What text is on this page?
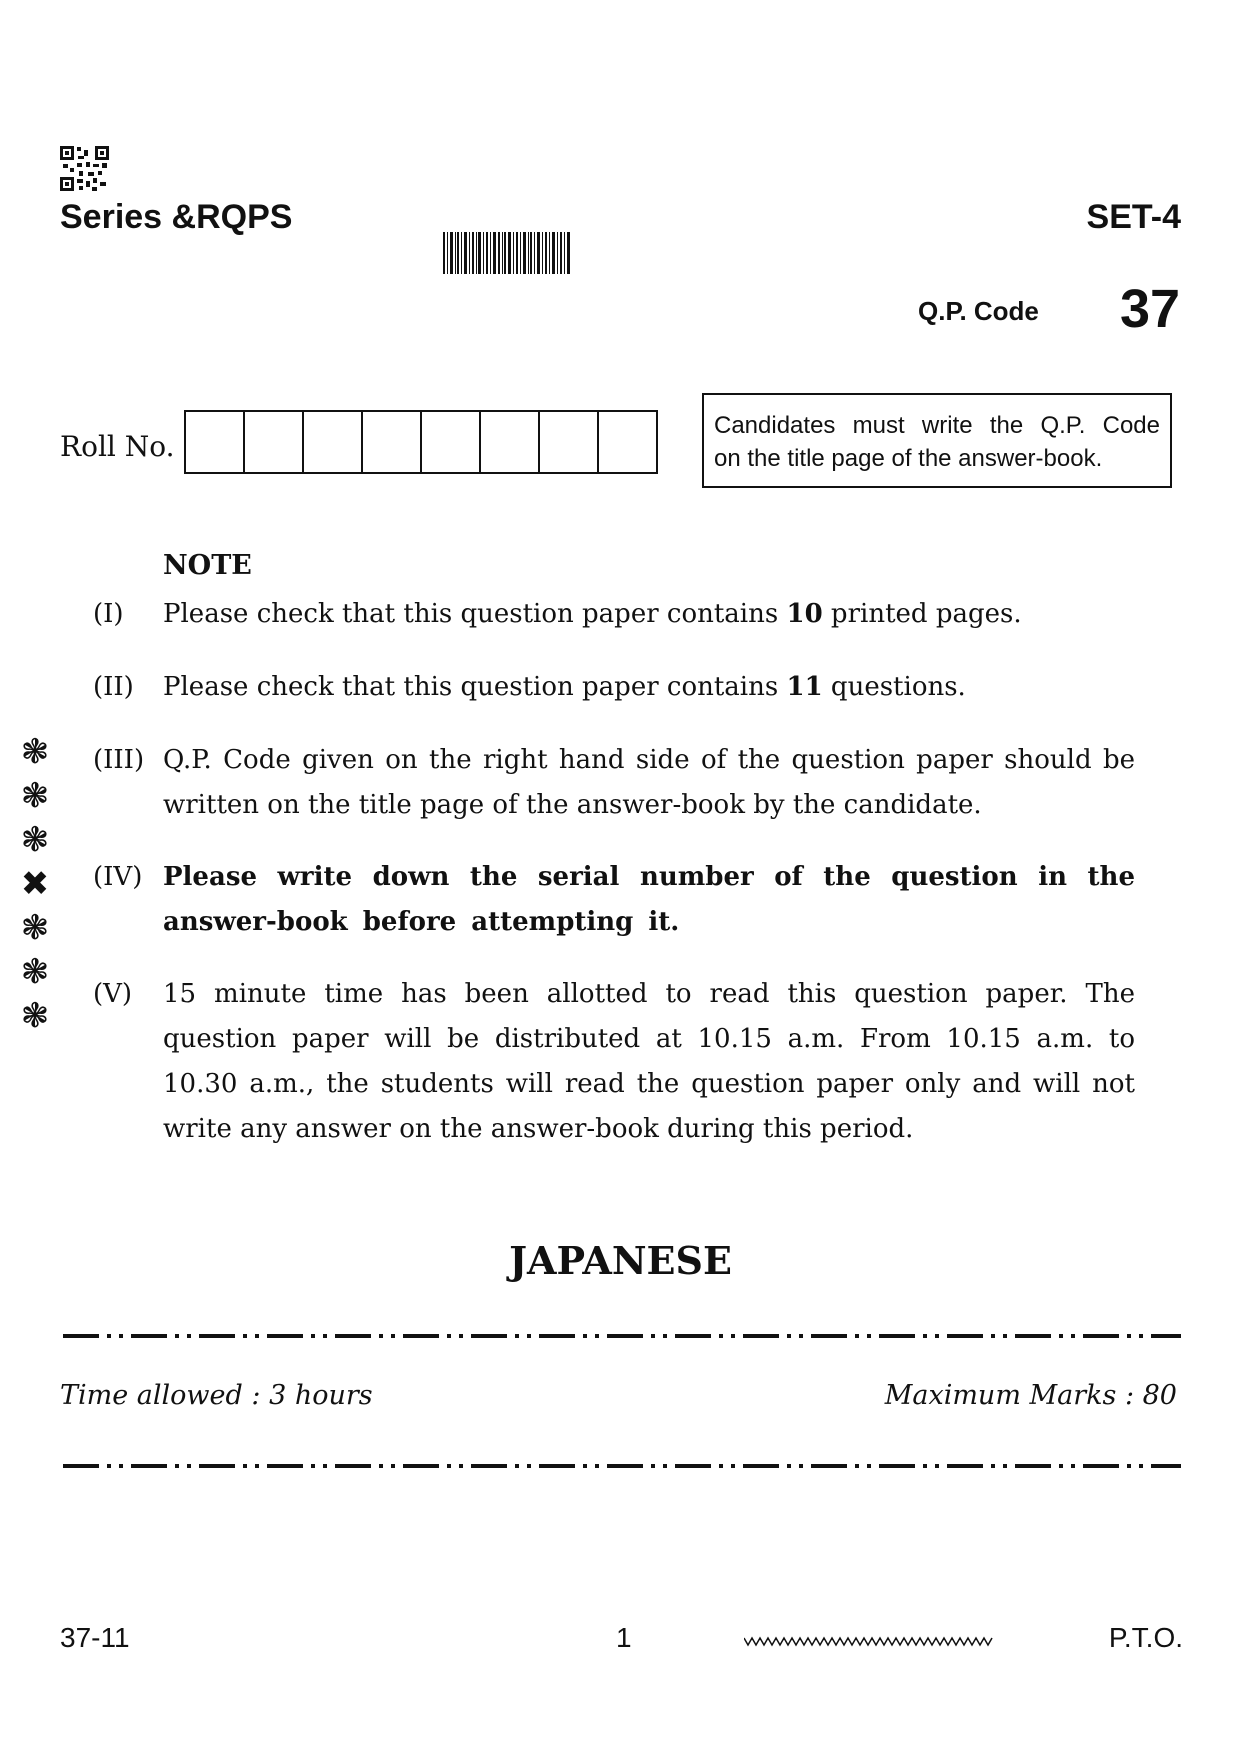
Series &RQPS	SET-4
Q.P. Code 37
Roll No.
Candidates must write the Q.P. Code
on the title page of the answer-book.
NOTE
(I) Please check that this question paper contains 10 printed pages.
(II) Please check that this question paper contains 11 questions.
(III) Q.P. Code given on the right hand side of the question paper should be written on the title page of the answer-book by the candidate.
(IV) Please write down the serial number of the question in the answer-book before attempting it.
(V) 15 minute time has been allotted to read this question paper. The question paper will be distributed at 10.15 a.m. From 10.15 a.m. to 10.30 a.m., the students will read the question paper only and will not write any answer on the answer-book during this period.
❃
❃
❃
✖
❃
❃
❃
JAPANESE
Time allowed : 3 hours	Maximum Marks : 80
37-11	1	P.T.O.
